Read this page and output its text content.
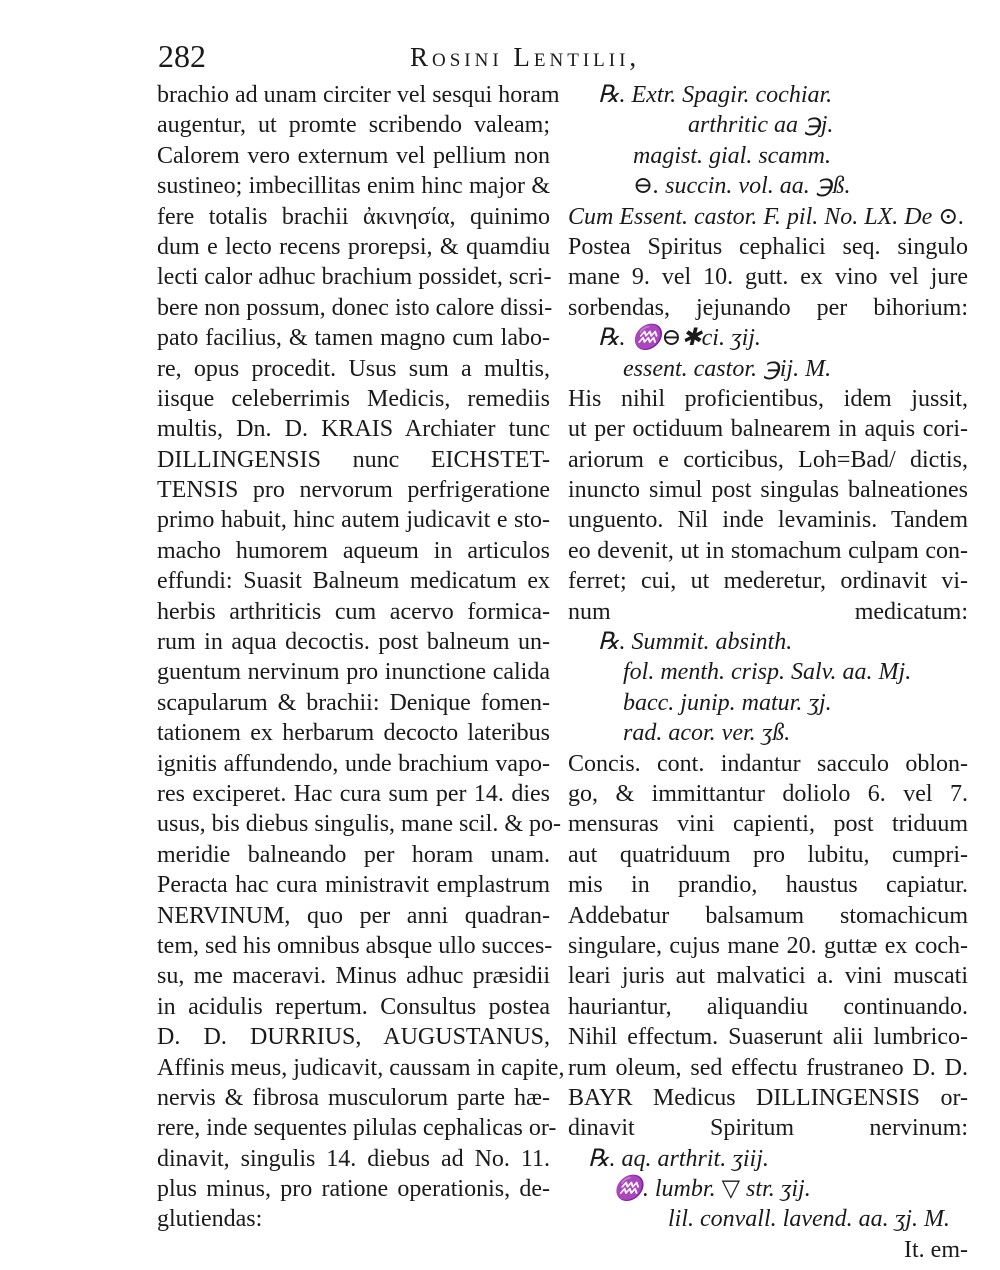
282	Rosini Lentilii,
brachio ad unam circiter vel sesqui horam
augentur, ut promte scribendo valeam;
Calorem vero externum vel pellium non
sustineo; imbecillitas enim hinc major &
fere totalis brachii ἀκινησία, quinimo
dum e lecto recens prorepsi, & quamdiu
lecti calor adhuc brachium possidet, scri-
bere non possum, donec isto calore dissi-
pato facilius, & tamen magno cum labo-
re, opus procedit. Usus sum a multis,
iisque celeberrimis Medicis, remediis
multis, Dn. D. KRAIS Archiater tunc
DILLINGENSIS nunc EICHSTET-
TENSIS pro nervorum perfrigeratione
primo habuit, hinc autem judicavit e sto-
macho humorem aqueum in articulos
effundi: Suasit Balneum medicatum ex
herbis arthriticis cum acervo formica-
rum in aqua decoctis. post balneum un-
guentum nervinum pro inunctione calida
scapularum & brachii: Denique fomen-
tationem ex herbarum decocto lateribus
ignitis affundendo, unde brachium vapo-
res exciperet. Hac cura sum per 14. dies
usus, bis diebus singulis, mane scil. & po-
meridie balneando per horam unam.
Peracta hac cura ministravit emplastrum
NERVINUM, quo per anni quadran-
tem, sed his omnibus absque ullo succes-
su, me maceravi. Minus adhuc præsidii
in acidulis repertum. Consultus postea
D. D. DURRIUS, AUGUSTANUS,
Affinis meus, judicavit, caussam in capite,
nervis & fibrosa musculorum parte hæ-
rere, inde sequentes pilulas cephalicas or-
dinavit, singulis 14. diebus ad No. 11.
plus minus, pro ratione operationis, de-
glutiendas:
℞. Extr. Spagir. cochiar.
arthritic aa ℈j.
magist. gial. scamm.
⊖. succin. vol. aa. ℈ß.
Cum Essent. castor. F. pil. No. LX. De ⊙.
Postea Spiritus cephalici seq. singulo
mane 9. vel 10. gutt. ex vino vel jure
sorbendas, jejunando per bihorium:
℞. ♒⊖✱ci. ʒij.
essent. castor. ℈ij. M.
His nihil proficientibus, idem jussit,
ut per octiduum balnearem in aquis cori-
ariorum e corticibus, Loh=Bad/ dictis,
inuncto simul post singulas balneationes
unguento. Nil inde levaminis. Tandem
eo devenit, ut in stomachum culpam con-
ferret; cui, ut mederetur, ordinavit vi-
num medicatum:
℞. Summit. absinth.
fol. menth. crisp. Salv. aa. Mj.
bacc. junip. matur. ʒj.
rad. acor. ver. ʒß.
Concis. cont. indantur sacculo oblon-
go, & immittantur doliolo 6. vel 7.
mensuras vini capienti, post triduum
aut quatriduum pro lubitu, cumpri-
mis in prandio, haustus capiatur.
Addebatur balsamum stomachicum
singulare, cujus mane 20. guttæ ex coch-
leari juris aut malvatici a. vini muscati
hauriantur, aliquandiu continuando.
Nihil effectum. Suaserunt alii lumbrico-
rum oleum, sed effectu frustraneo D. D.
BAYR Medicus DILLINGENSIS or-
dinavit Spiritum nervinum:
℞. aq. arthrit. ʒiij.
♒. lumbr. ▽ str. ʒij.
lil. convall. lavend. aa. ʒj. M.
It. em-
